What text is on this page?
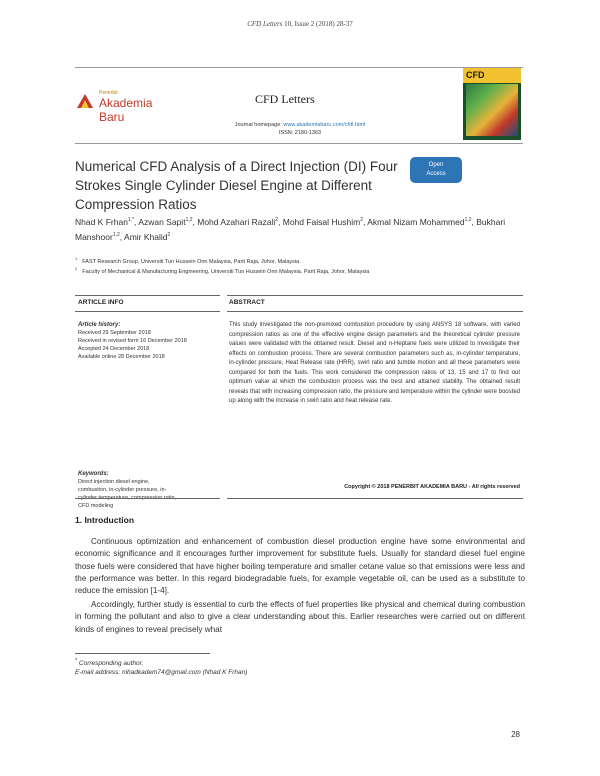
CFD Letters 10, Issue 2 (2018) 28-37
Penerbit
Akademia Baru
CFD Letters
Journal homepage: www.akademiabaru.com/cfdl.html
ISSN: 2180-1363
CFD
Numerical CFD Analysis of a Direct Injection (DI) Four Strokes Single Cylinder Diesel Engine at Different Compression Ratios
Open
Access
Nhad K Frhan$^{1,*}$, Azwan Sapit$^{1,2}$, Mohd Azahari Razali$^2$, Mohd Faisal Hushim$^2$, Akmal Nizam Mohammed$^{1,2}$, Bukhari Manshoor$^{1,2}$, Amir Khalid$^2$
$^1$FAST Research Group, Universiti Tun Hussein Onn Malaysia, Parit Raja, Johor, Malaysia
$^2$Faculty of Mechanical & Manufacturing Engineering, Universiti Tun Hussein Onn Malaysia. Parit Raja, Johor, Malaysia
ARTICLE INFO	ABSTRACT
Article history:
Received 29 September 2018
Received in revised form 16 December 2018
Accepted 24 December 2018
Available online 28 December 2018
This study investigated the non-premixed combustion procedure by using ANSYS 18 software, with varied compression ratios as one of the effective engine design parameters and the theoretical cylinder pressure values were validated with the obtained result. Diesel and n-Heptane fuels were utilized to investigate their effects on combustion process. There are several combustion parameters such as, in-cylinder temperature, in-cylinder pressure, Heat Release rate (HRR), swirl ratio and tumble motion and all these parameters were compared for both the fuels. This work considered the compression ratios of 13, 15 and 17 to find out optimum value at which the combustion process was the best and attained stability. The obtained result reveals that with increasing compression ratio, the pressure and temperature within the cylinder were boosted up along with the increase in swirl ratio and heat release rate.
Keywords:
Direct injection diesel engine,
combustion, in-cylinder pressure, in-
CFD modeling
Copyright © 2018 PENERBIT AKADEMIA BARU - All rights reserved
1. Introduction
Continuous optimization and enhancement of combustion diesel production engine have some environmental and economic significance and it encourages further improvement for substitute fuels. Usually for standard diesel fuel engine those fuels were considered that have higher boiling temperature and smaller cetane value so that emissions were less and the performance was better. In this regard biodegradable fuels, for example vegetable oil, can be used as a substitute to reduce the emission [1-4].
Accordingly, further study is essential to curb the effects of fuel properties like physical and chemical during combustion in forming the pollutant and also to give a clear understanding about this. Earlier researches were carried out on different kinds of engines to reveal precisely what
* Corresponding author.
E-mail address: nihadkadem74@gmail.com (Nhad K Frhan)
28
